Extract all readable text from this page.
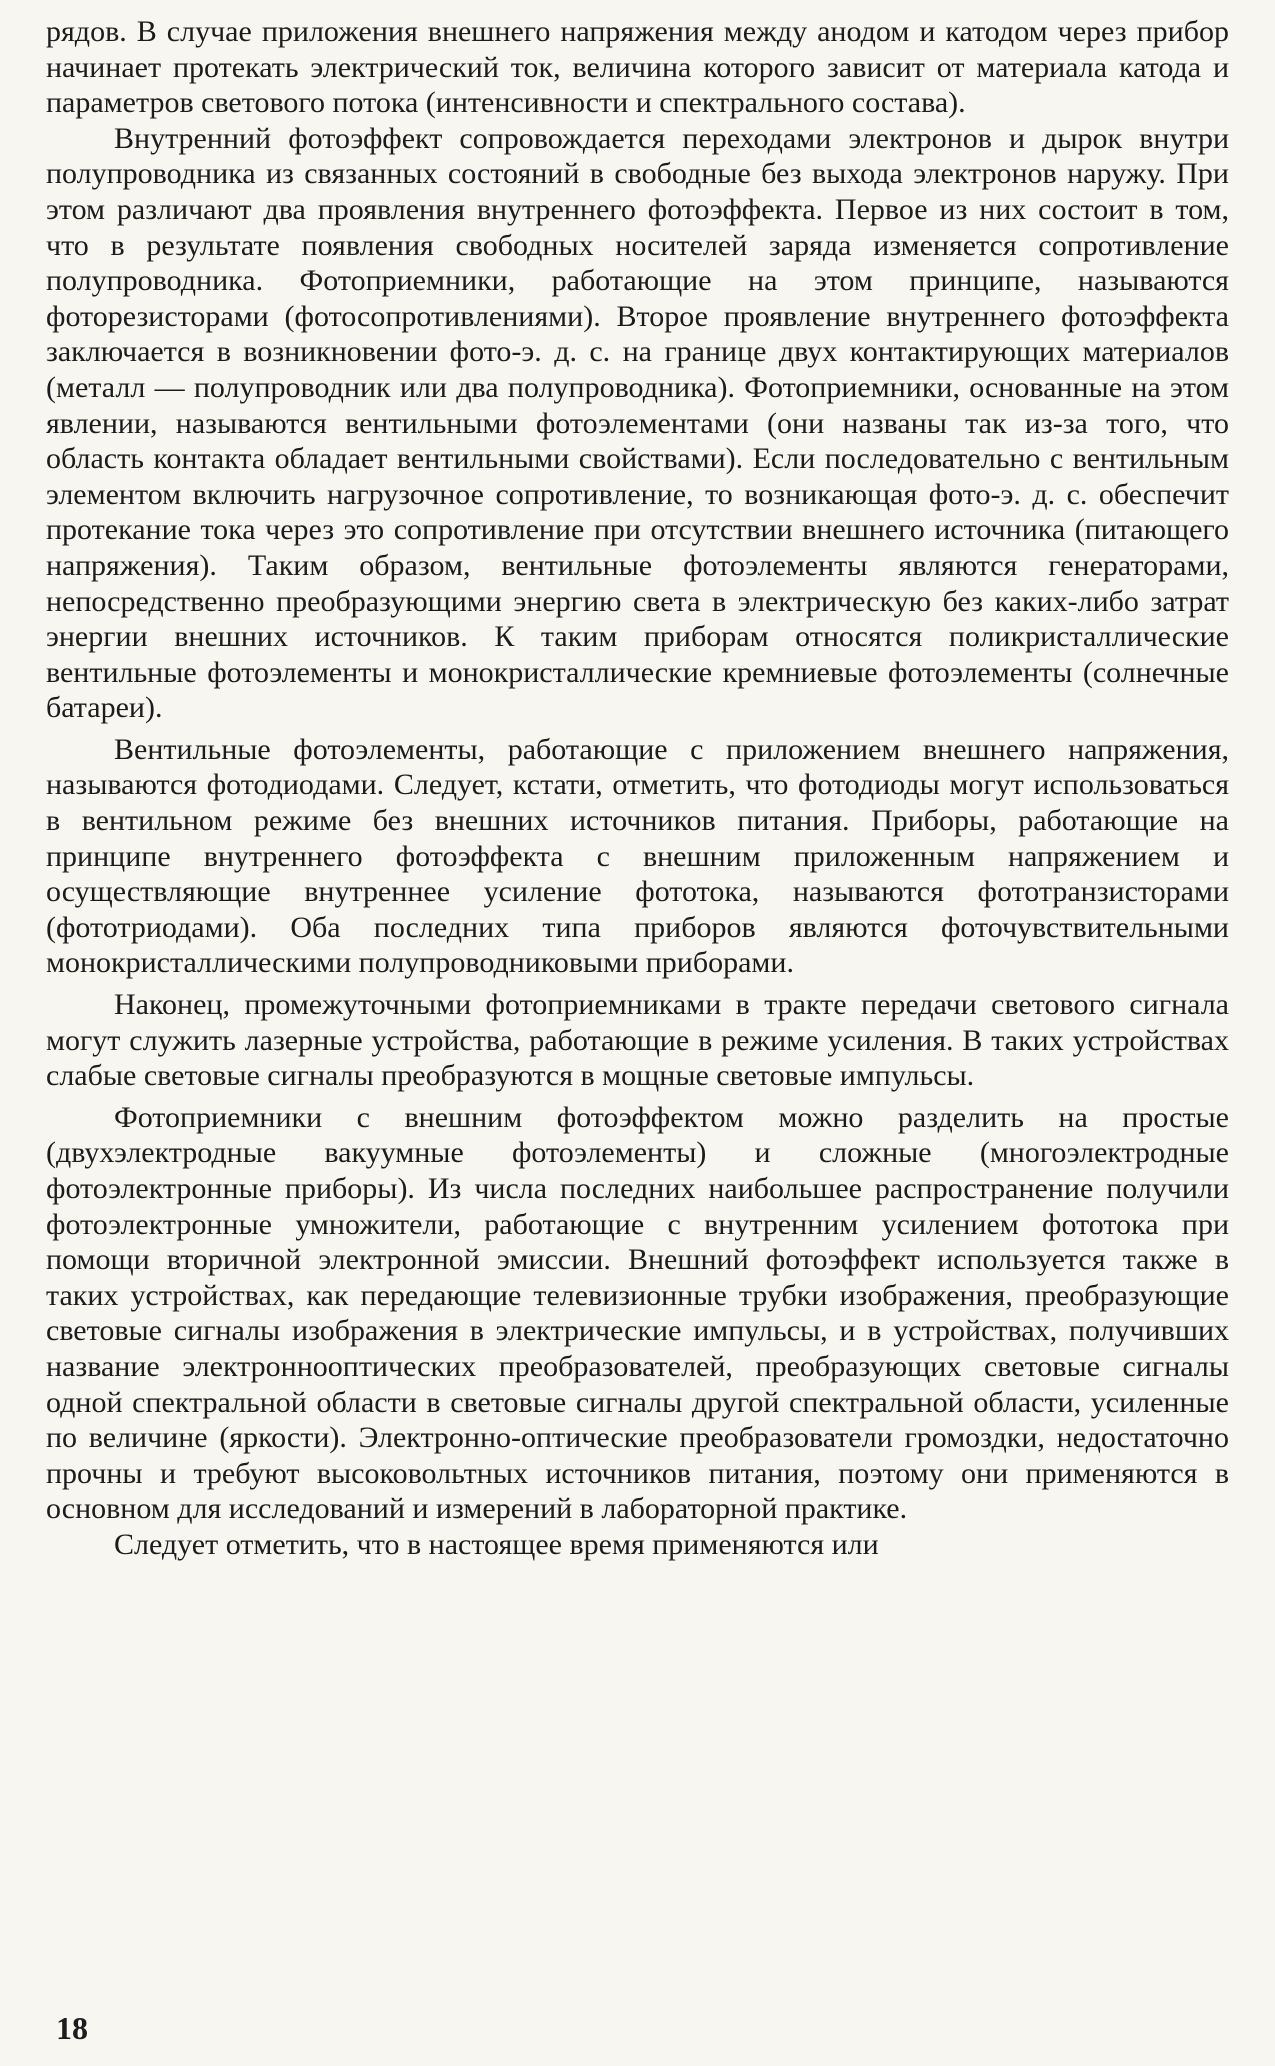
рядов. В случае приложения внешнего напряжения между анодом и катодом через прибор начинает протекать электрический ток, величина которого зависит от материала катода и параметров светового потока (интенсивности и спектрального состава).

Внутренний фотоэффект сопровождается переходами электронов и дырок внутри полупроводника из связанных состояний в свободные без выхода электронов наружу. При этом различают два проявления внутреннего фотоэффекта. Первое из них состоит в том, что в результате появления свободных носителей заряда изменяется сопротивление полупроводника. Фотоприемники, работающие на этом принципе, называются фоторезисторами (фотосопротивлениями). Второе проявление внутреннего фотоэффекта заключается в возникновении фото-э. д. с. на границе двух контактирующих материалов (металл — полупроводник или два полупроводника). Фотоприемники, основанные на этом явлении, называются вентильными фотоэлементами (они названы так из-за того, что область контакта обладает вентильными свойствами). Если последовательно с вентильным элементом включить нагрузочное сопротивление, то возникающая фото-э. д. с. обеспечит протекание тока через это сопротивление при отсутствии внешнего источника (питающего напряжения). Таким образом, вентильные фотоэлементы являются генераторами, непосредственно преобразующими энергию света в электрическую без каких-либо затрат энергии внешних источников. К таким приборам относятся поликристаллические вентильные фотоэлементы и монокристаллические кремниевые фотоэлементы (солнечные батареи).

Вентильные фотоэлементы, работающие с приложением внешнего напряжения, называются фотодиодами. Следует, кстати, отметить, что фотодиоды могут использоваться в вентильном режиме без внешних источников питания. Приборы, работающие на принципе внутреннего фотоэффекта с внешним приложенным напряжением и осуществляющие внутреннее усиление фототока, называются фототранзисторами (фототриодами). Оба последних типа приборов являются фоточувствительными монокристаллическими полупроводниковыми приборами.

Наконец, промежуточными фотоприемниками в тракте передачи светового сигнала могут служить лазерные устройства, работающие в режиме усиления. В таких устройствах слабые световые сигналы преобразуются в мощные световые импульсы.

Фотоприемники с внешним фотоэффектом можно разделить на простые (двухэлектродные вакуумные фотоэлементы) и сложные (многоэлектродные фотоэлектронные приборы). Из числа последних наибольшее распространение получили фотоэлектронные умножители, работающие с внутренним усилением фототока при помощи вторичной электронной эмиссии. Внешний фотоэффект используется также в таких устройствах, как передающие телевизионные трубки изображения, преобразующие световые сигналы изображения в электрические импульсы, и в устройствах, получивших название электроннооптических преобразователей, преобразующих световые сигналы одной спектральной области в световые сигналы другой спектральной области, усиленные по величине (яркости). Электронно-оптические преобразователи громоздки, недостаточно прочны и требуют высоковольтных источников питания, поэтому они применяются в основном для исследований и измерений в лабораторной практике.

Следует отметить, что в настоящее время применяются или

18
